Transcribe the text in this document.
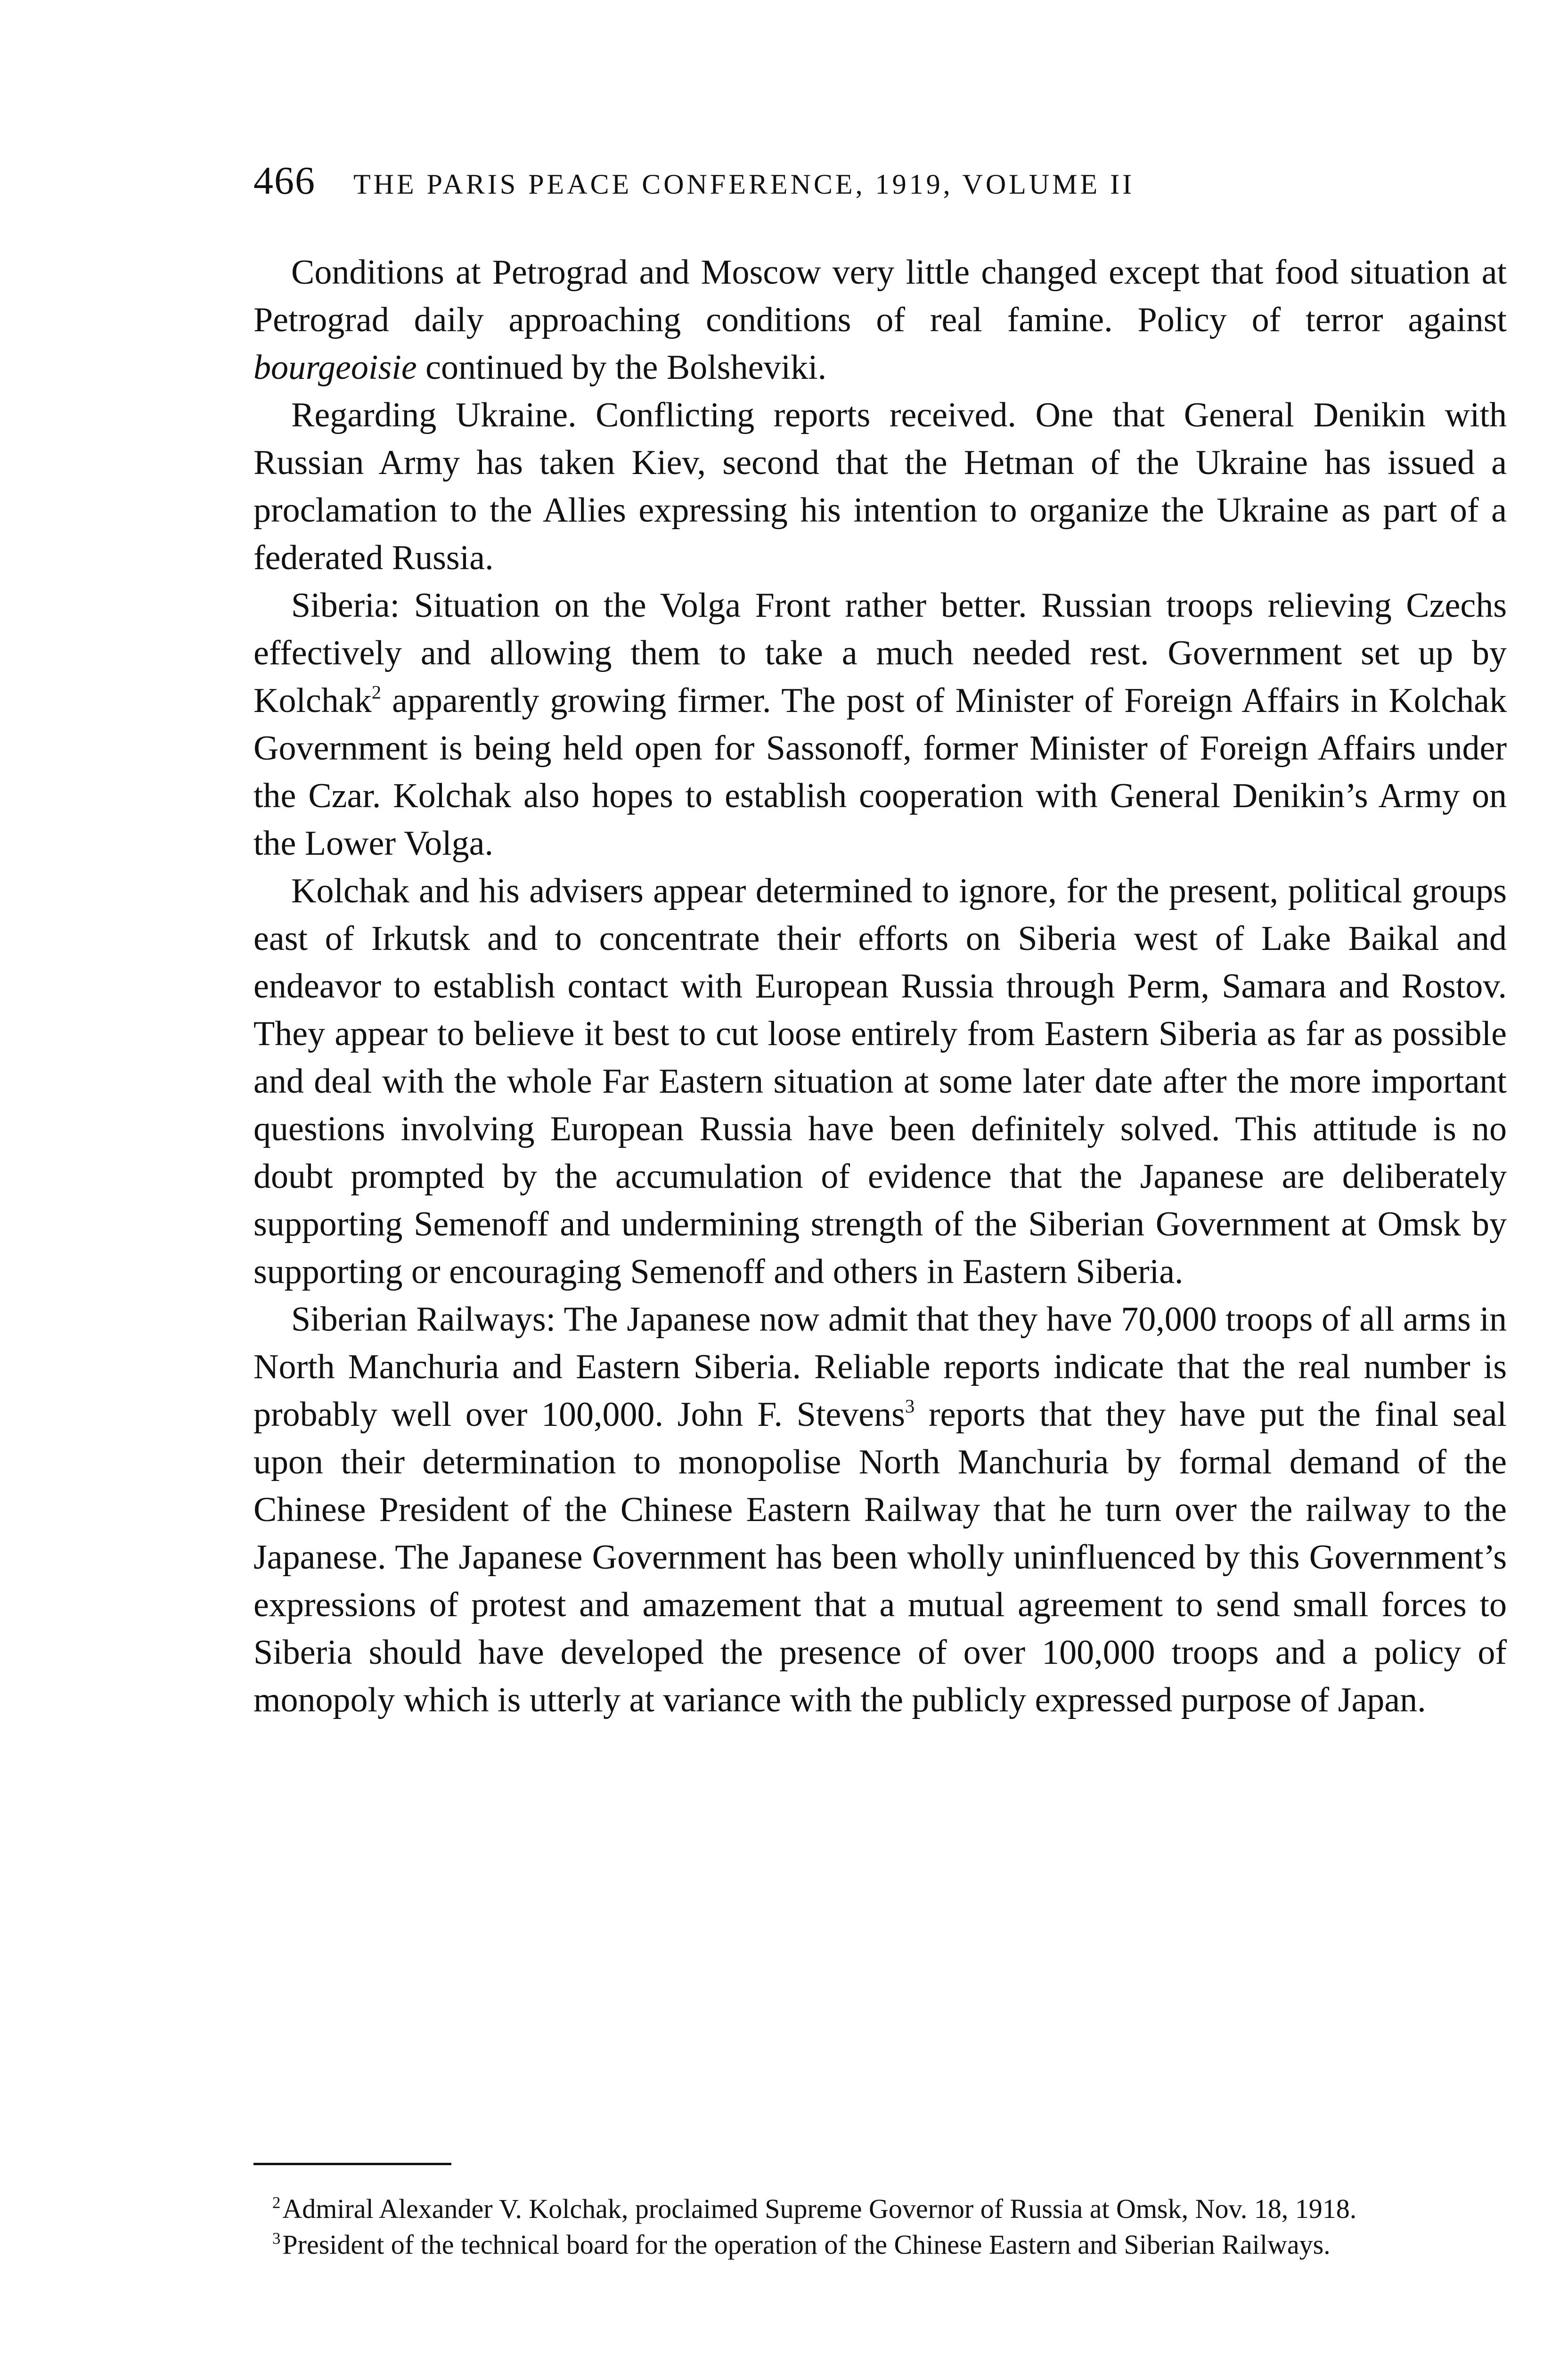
466 THE PARIS PEACE CONFERENCE, 1919, VOLUME II

Conditions at Petrograd and Moscow very little changed except that food situation at Petrograd daily approaching conditions of real famine. Policy of terror against bourgeoisie continued by the Bolsheviki.

Regarding Ukraine. Conflicting reports received. One that General Denikin with Russian Army has taken Kiev, second that the Hetman of the Ukraine has issued a proclamation to the Allies expressing his intention to organize the Ukraine as part of a federated Russia.

Siberia: Situation on the Volga Front rather better. Russian troops relieving Czechs effectively and allowing them to take a much needed rest. Government set up by Kolchak$^2$ apparently growing firmer. The post of Minister of Foreign Affairs in Kolchak Government is being held open for Sassonoff, former Minister of Foreign Affairs under the Czar. Kolchak also hopes to establish cooperation with General Denikin’s Army on the Lower Volga.

Kolchak and his advisers appear determined to ignore, for the present, political groups east of Irkutsk and to concentrate their efforts on Siberia west of Lake Baikal and endeavor to establish contact with European Russia through Perm, Samara and Rostov. They appear to believe it best to cut loose entirely from Eastern Siberia as far as possible and deal with the whole Far Eastern situation at some later date after the more important questions involving European Russia have been definitely solved. This attitude is no doubt prompted by the accumulation of evidence that the Japanese are deliberately supporting Semenoff and undermining strength of the Siberian Government at Omsk by supporting or encouraging Semenoff and others in Eastern Siberia.

Siberian Railways: The Japanese now admit that they have 70,000 troops of all arms in North Manchuria and Eastern Siberia. Reliable reports indicate that the real number is probably well over 100,000. John F. Stevens$^3$ reports that they have put the final seal upon their determination to monopolise North Manchuria by formal demand of the Chinese President of the Chinese Eastern Railway that he turn over the railway to the Japanese. The Japanese Government has been wholly uninfluenced by this Government’s expressions of protest and amazement that a mutual agreement to send small forces to Siberia should have developed the presence of over 100,000 troops and a policy of monopoly which is utterly at variance with the publicly expressed purpose of Japan.

$^2$Admiral Alexander V. Kolchak, proclaimed Supreme Governor of Russia at Omsk, Nov. 18, 1918.

$^3$President of the technical board for the operation of the Chinese Eastern and Siberian Railways.
